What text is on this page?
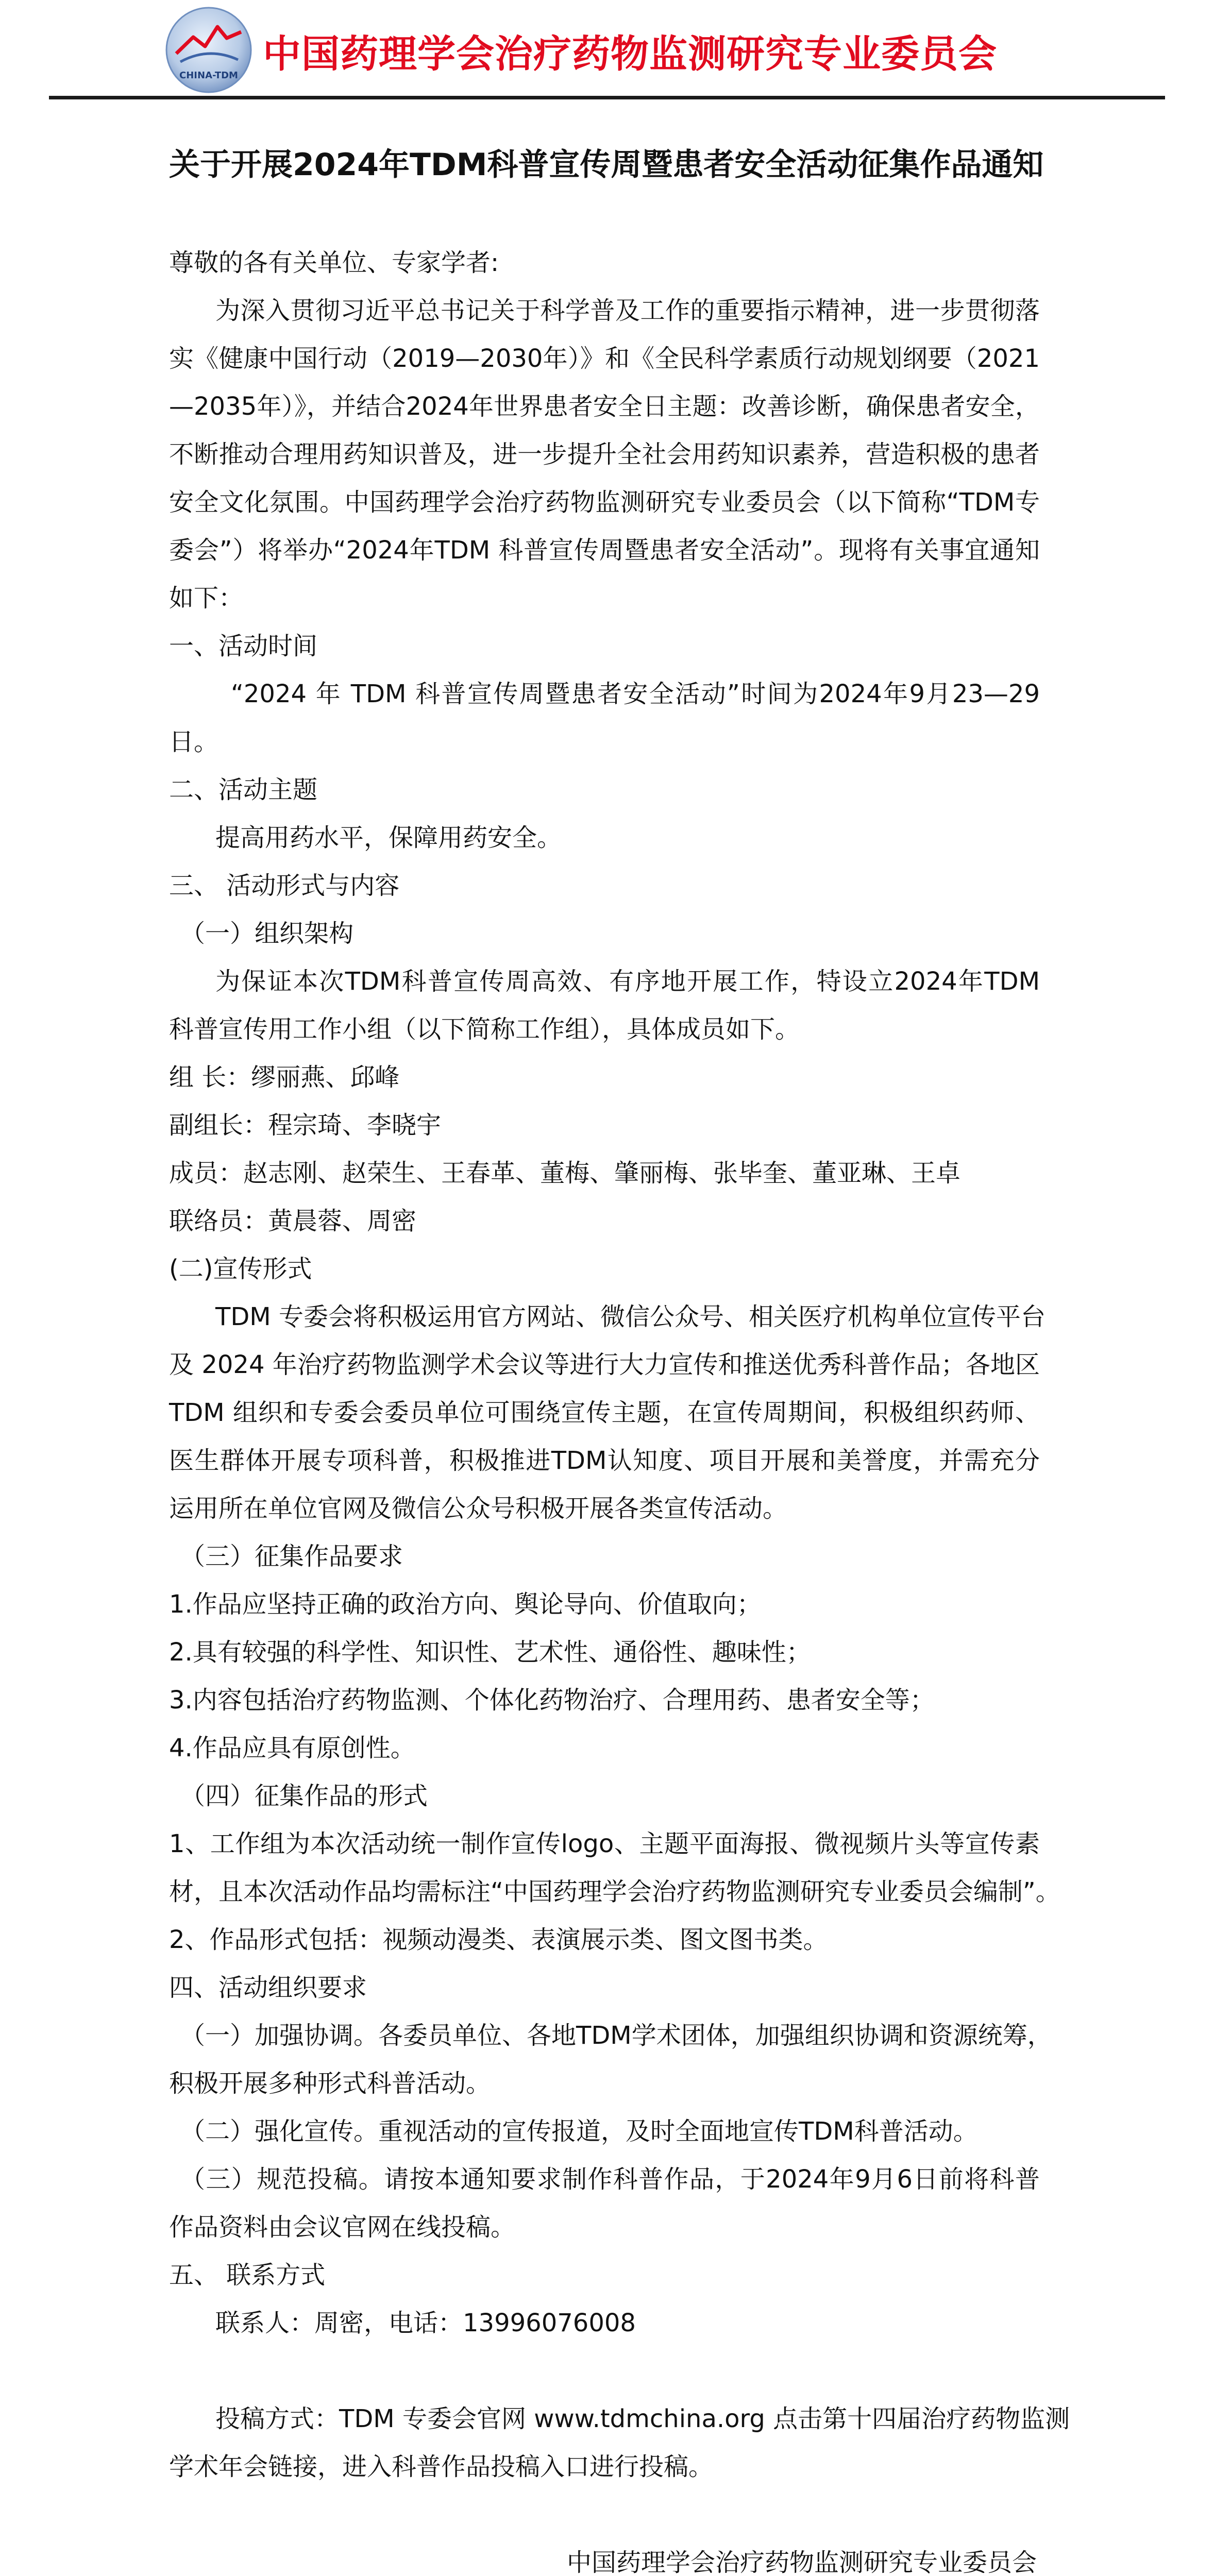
CHINA-TDM 中国药理学会治疗药物监测研究专业委员会
关于开展2024年TDM科普宣传周暨患者安全活动征集作品通知
尊敬的各有关单位、专家学者:
为深入贯彻习近平总书记关于科学普及工作的重要指示精神，进一步贯彻落
实《健康中国行动（2019—2030年）》和《全民科学素质行动规划纲要（2021
—2035年）》，并结合2024年世界患者安全日主题：改善诊断，确保患者安全，
不断推动合理用药知识普及，进一步提升全社会用药知识素养，营造积极的患者
安全文化氛围。中国药理学会治疗药物监测研究专业委员会（以下简称“TDM专
委会”）将举办“2024年TDM 科普宣传周暨患者安全活动”。现将有关事宜通知
如下：
一、活动时间
“2024 年 TDM 科普宣传周暨患者安全活动”时间为2024年9月23—29
日。
二、活动主题
提高用药水平，保障用药安全。
三、 活动形式与内容
（一）组织架构
为保证本次TDM科普宣传周高效、有序地开展工作，特设立2024年TDM
科普宣传用工作小组（以下简称工作组），具体成员如下。
组 长：缪丽燕、邱峰
副组长：程宗琦、李晓宇
成员：赵志刚、赵荣生、王春革、董梅、肇丽梅、张毕奎、董亚琳、王卓
联络员：黄晨蓉、周密
(二)宣传形式
TDM 专委会将积极运用官方网站、微信公众号、相关医疗机构单位宣传平台
及 2024 年治疗药物监测学术会议等进行大力宣传和推送优秀科普作品；各地区
TDM 组织和专委会委员单位可围绕宣传主题，在宣传周期间，积极组织药师、
医生群体开展专项科普，积极推进TDM认知度、项目开展和美誉度，并需充分
运用所在单位官网及微信公众号积极开展各类宣传活动。
（三）征集作品要求
1.作品应坚持正确的政治方向、舆论导向、价值取向；
2.具有较强的科学性、知识性、艺术性、通俗性、趣味性；
3.内容包括治疗药物监测、个体化药物治疗、合理用药、患者安全等；
4.作品应具有原创性。
（四）征集作品的形式
1、工作组为本次活动统一制作宣传logo、主题平面海报、微视频片头等宣传素
材，且本次活动作品均需标注“中国药理学会治疗药物监测研究专业委员会编制”。
2、作品形式包括：视频动漫类、表演展示类、图文图书类。
四、活动组织要求
（一）加强协调。各委员单位、各地TDM学术团体，加强组织协调和资源统筹，
积极开展多种形式科普活动。
（二）强化宣传。重视活动的宣传报道，及时全面地宣传TDM科普活动。
（三）规范投稿。请按本通知要求制作科普作品，于2024年9月6日前将科普
作品资料由会议官网在线投稿。
五、 联系方式
联系人：周密，电话：13996076008
投稿方式：TDM 专委会官网 www.tdmchina.org 点击第十四届治疗药物监测
学术年会链接，进入科普作品投稿入口进行投稿。
中国药理学会治疗药物监测研究专业委员会
